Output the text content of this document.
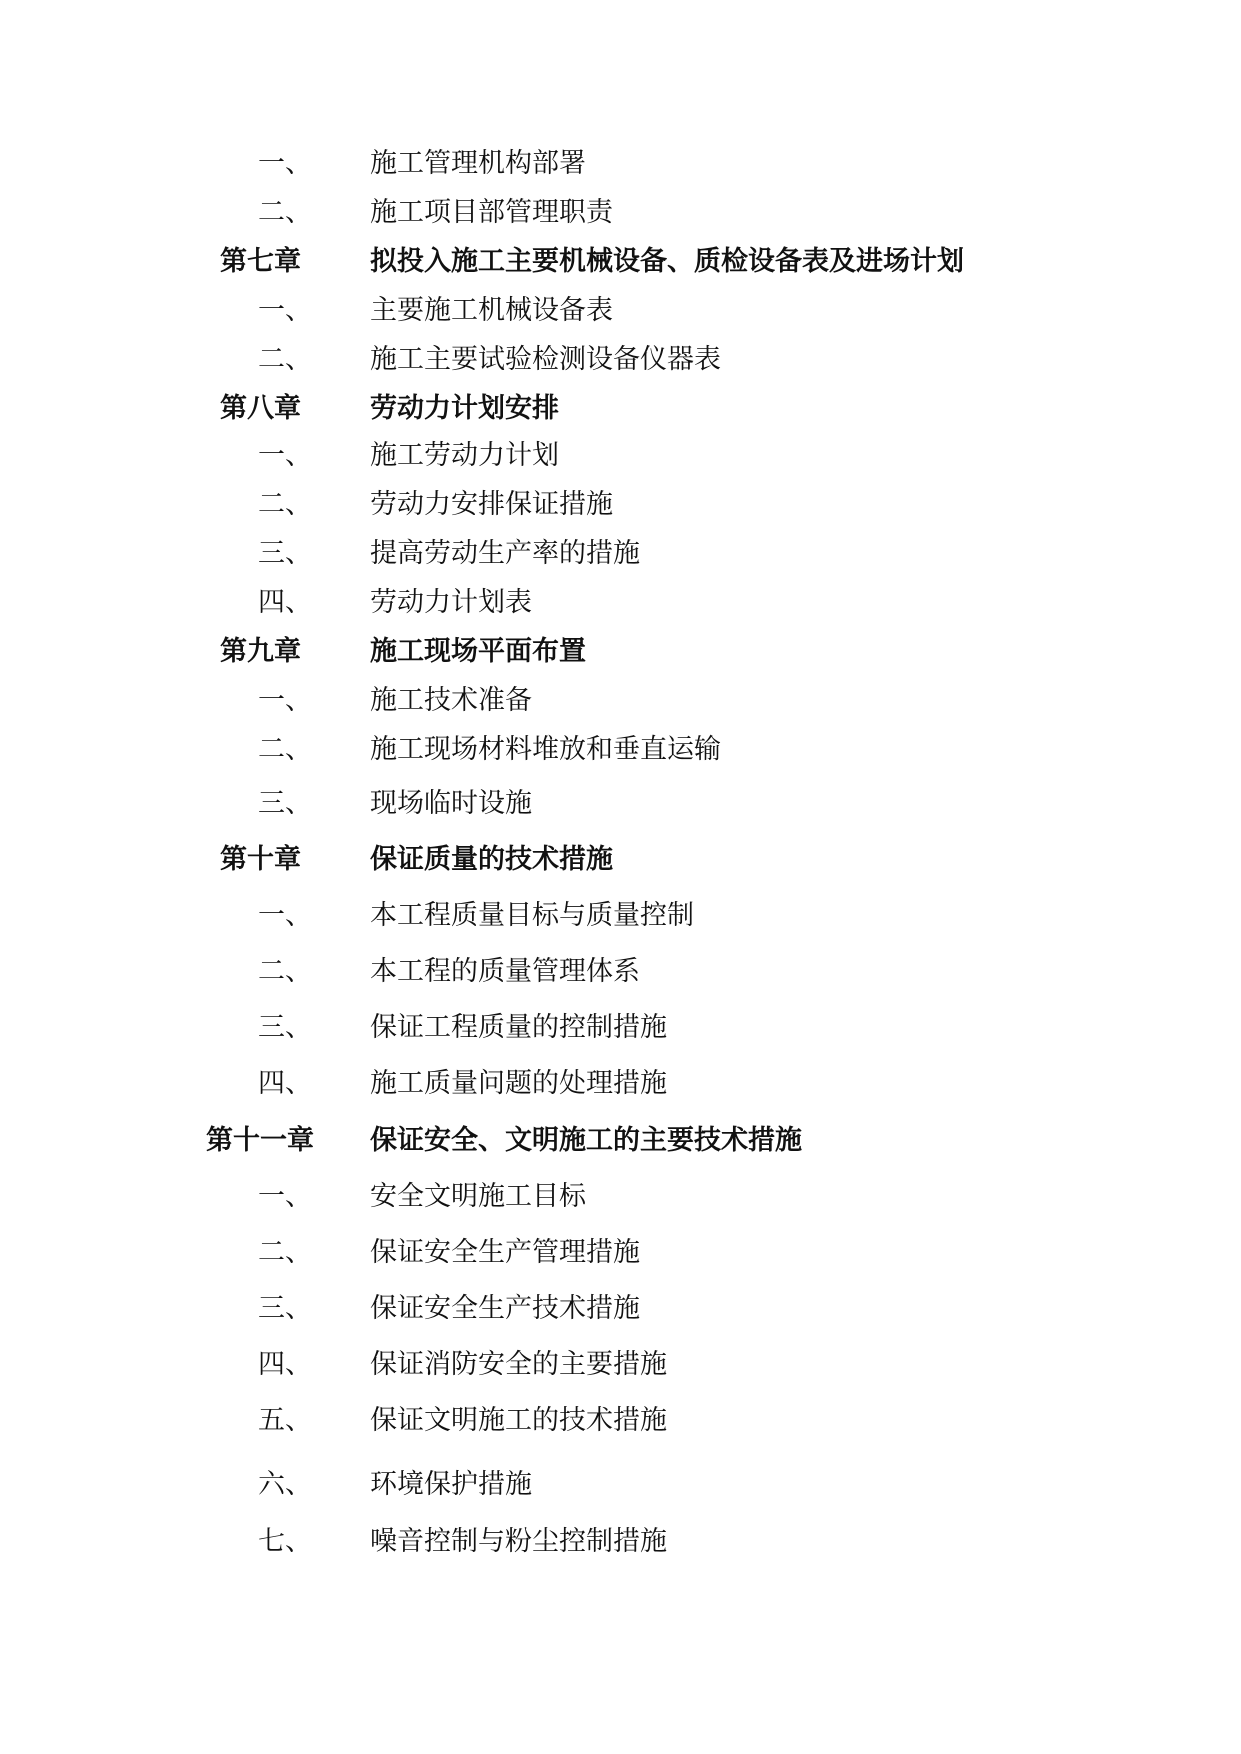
一、 施工管理机构部署
二、 施工项目部管理职责
第七章	拟投入施工主要机械设备、质检设备表及进场计划
一、 主要施工机械设备表
二、 施工主要试验检测设备仪器表
第八章	劳动力计划安排
一、 施工劳动力计划
二、 劳动力安排保证措施
三、 提高劳动生产率的措施
四、 劳动力计划表
第九章	施工现场平面布置
一、 施工技术准备
二、 施工现场材料堆放和垂直运输
三、 现场临时设施
第十章	保证质量的技术措施
一、 本工程质量目标与质量控制
二、 本工程的质量管理体系
三、 保证工程质量的控制措施
四、 施工质量问题的处理措施
第十一章 保证安全、文明施工的主要技术措施
一、 安全文明施工目标
二、 保证安全生产管理措施
三、 保证安全生产技术措施
四、 保证消防安全的主要措施
五、 保证文明施工的技术措施
六、 环境保护措施
七、 噪音控制与粉尘控制措施
